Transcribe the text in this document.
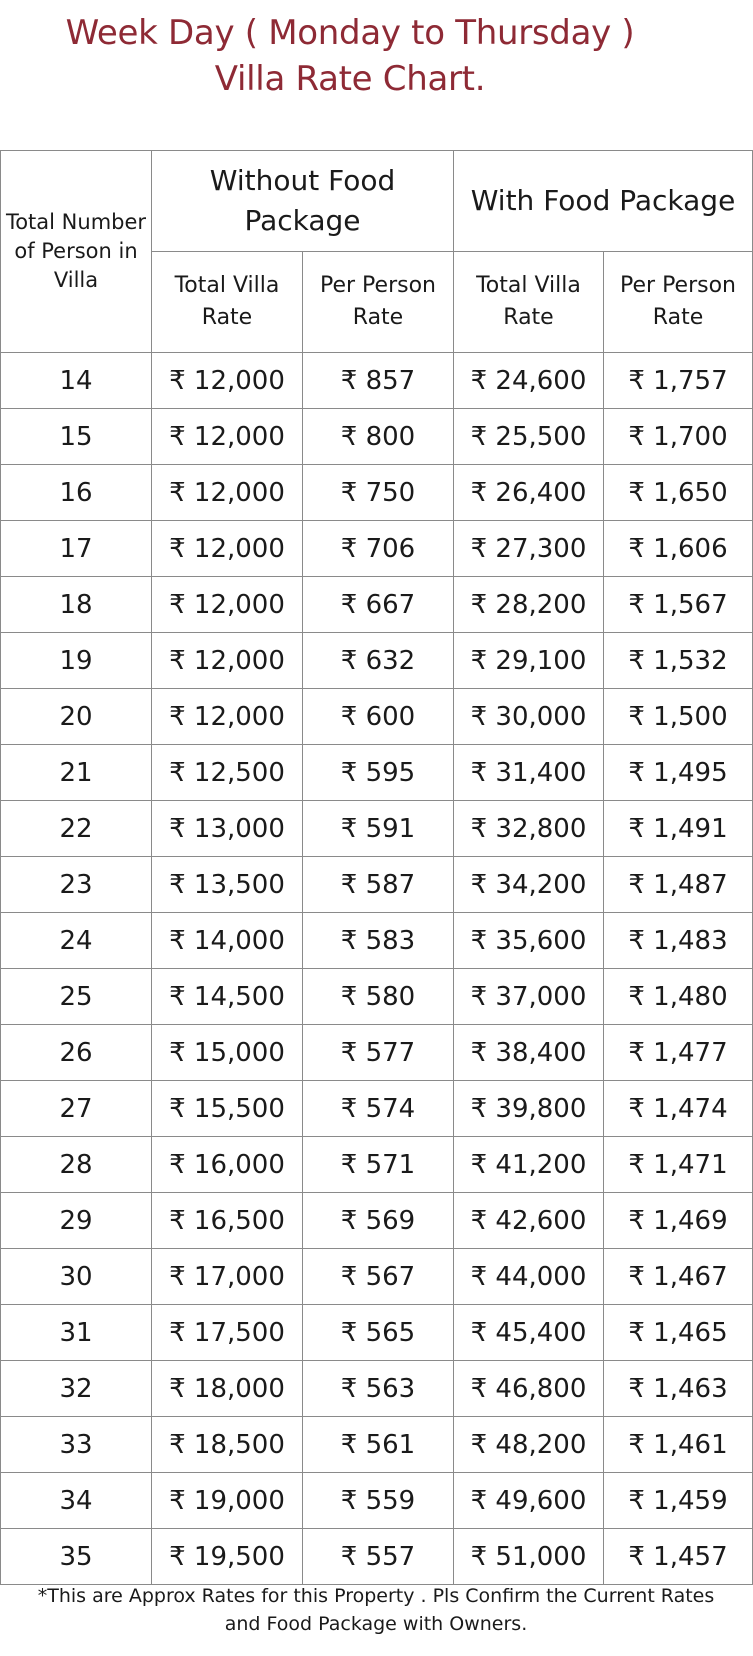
Week Day ( Monday to Thursday )
Villa Rate Chart.
Total Number of Person in Villa	Without Food Package		With Food Package	
	Total Villa Rate	Per Person Rate	Total Villa Rate	Per Person Rate
14	₹ 12,000	₹ 857	₹ 24,600	₹ 1,757
15	₹ 12,000	₹ 800	₹ 25,500	₹ 1,700
16	₹ 12,000	₹ 750	₹ 26,400	₹ 1,650
17	₹ 12,000	₹ 706	₹ 27,300	₹ 1,606
18	₹ 12,000	₹ 667	₹ 28,200	₹ 1,567
19	₹ 12,000	₹ 632	₹ 29,100	₹ 1,532
20	₹ 12,000	₹ 600	₹ 30,000	₹ 1,500
21	₹ 12,500	₹ 595	₹ 31,400	₹ 1,495
22	₹ 13,000	₹ 591	₹ 32,800	₹ 1,491
23	₹ 13,500	₹ 587	₹ 34,200	₹ 1,487
24	₹ 14,000	₹ 583	₹ 35,600	₹ 1,483
25	₹ 14,500	₹ 580	₹ 37,000	₹ 1,480
26	₹ 15,000	₹ 577	₹ 38,400	₹ 1,477
27	₹ 15,500	₹ 574	₹ 39,800	₹ 1,474
28	₹ 16,000	₹ 571	₹ 41,200	₹ 1,471
29	₹ 16,500	₹ 569	₹ 42,600	₹ 1,469
30	₹ 17,000	₹ 567	₹ 44,000	₹ 1,467
31	₹ 17,500	₹ 565	₹ 45,400	₹ 1,465
32	₹ 18,000	₹ 563	₹ 46,800	₹ 1,463
33	₹ 18,500	₹ 561	₹ 48,200	₹ 1,461
34	₹ 19,000	₹ 559	₹ 49,600	₹ 1,459
35	₹ 19,500	₹ 557	₹ 51,000	₹ 1,457
*This are Approx Rates for this Property . Pls Confirm the Current Rates
and Food Package with Owners.
